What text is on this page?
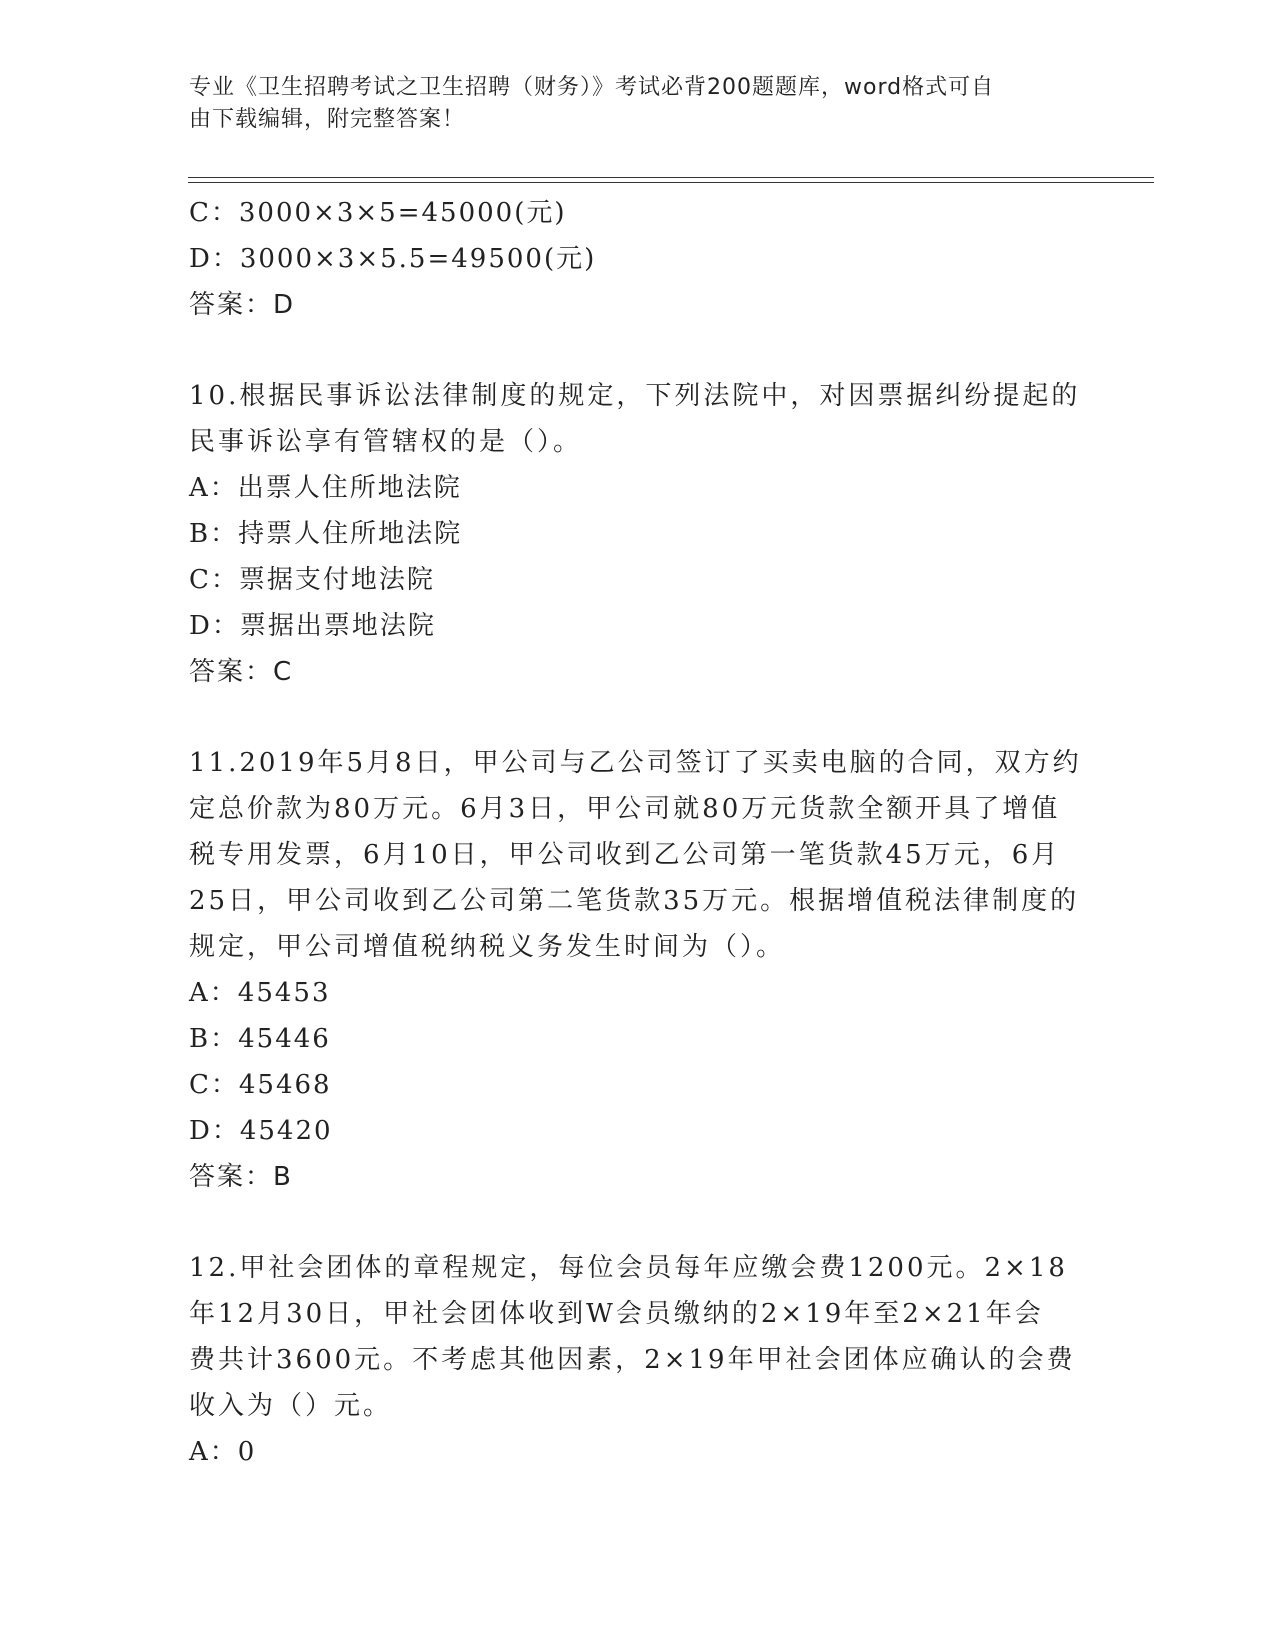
专业《卫生招聘考试之卫生招聘（财务）》考试必背200题题库，word格式可自
由下载编辑，附完整答案！
C：3000×3×5=45000(元)
D：3000×3×5.5=49500(元)
答案：D
10.根据民事诉讼法律制度的规定，下列法院中，对因票据纠纷提起的
民事诉讼享有管辖权的是（）。
A：出票人住所地法院
B：持票人住所地法院
C：票据支付地法院
D：票据出票地法院
答案：C
11.2019年5月8日，甲公司与乙公司签订了买卖电脑的合同，双方约
定总价款为80万元。6月3日，甲公司就80万元货款全额开具了增值
税专用发票，6月10日，甲公司收到乙公司第一笔货款45万元，6月
25日，甲公司收到乙公司第二笔货款35万元。根据增值税法律制度的
规定，甲公司增值税纳税义务发生时间为（）。
A：45453
B：45446
C：45468
D：45420
答案：B
12.甲社会团体的章程规定，每位会员每年应缴会费1200元。2×18
年12月30日，甲社会团体收到W会员缴纳的2×19年至2×21年会
费共计3600元。不考虑其他因素，2×19年甲社会团体应确认的会费
收入为（）元。
A：0
